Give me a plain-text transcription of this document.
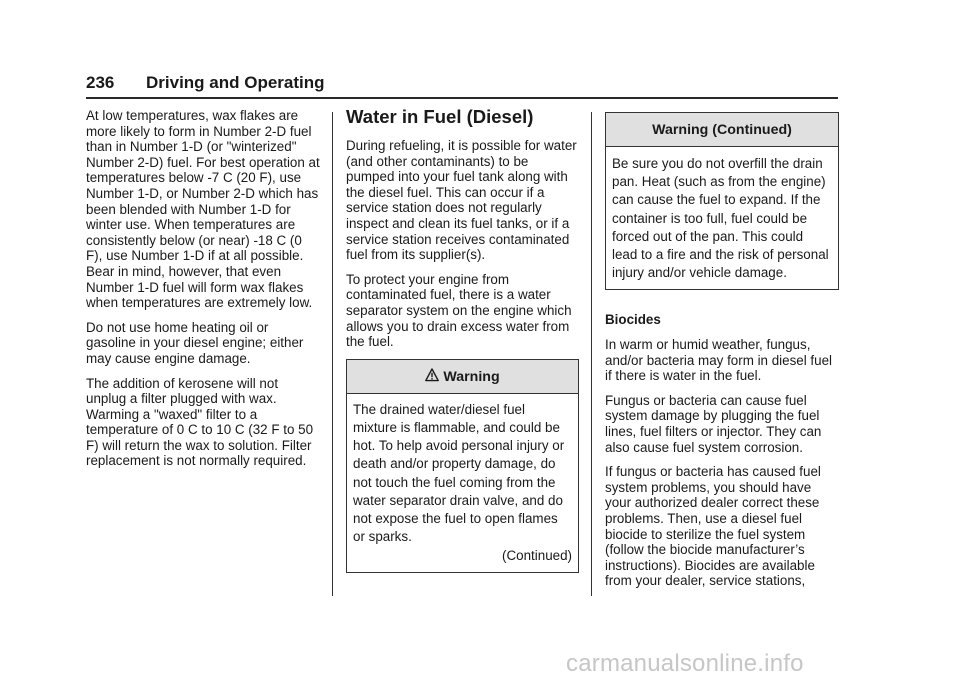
236 Driving and Operating

At low temperatures, wax flakes are more likely to form in Number 2-D fuel than in Number 1-D (or "winterized" Number 2-D) fuel. For best operation at temperatures below -7 C (20 F), use Number 1-D, or Number 2-D which has been blended with Number 1-D for winter use. When temperatures are consistently below (or near) -18 C (0 F), use Number 1-D if at all possible. Bear in mind, however, that even Number 1-D fuel will form wax flakes when temperatures are extremely low.

Do not use home heating oil or gasoline in your diesel engine; either may cause engine damage.

The addition of kerosene will not unplug a filter plugged with wax. Warming a "waxed" filter to a temperature of 0 C to 10 C (32 F to 50 F) will return the wax to solution. Filter replacement is not normally required.

Water in Fuel (Diesel)

During refueling, it is possible for water (and other contaminants) to be pumped into your fuel tank along with the diesel fuel. This can occur if a service station does not regularly inspect and clean its fuel tanks, or if a service station receives contaminated fuel from its supplier(s).

To protect your engine from contaminated fuel, there is a water separator system on the engine which allows you to drain excess water from the fuel.

Warning
The drained water/diesel fuel mixture is flammable, and could be hot. To help avoid personal injury or death and/or property damage, do not touch the fuel coming from the water separator drain valve, and do not expose the fuel to open flames or sparks.
(Continued)
Warning (Continued)
Be sure you do not overfill the drain pan. Heat (such as from the engine) can cause the fuel to expand. If the container is too full, fuel could be forced out of the pan. This could lead to a fire and the risk of personal injury and/or vehicle damage.
Biocides

In warm or humid weather, fungus, and/or bacteria may form in diesel fuel if there is water in the fuel.

Fungus or bacteria can cause fuel system damage by plugging the fuel lines, fuel filters or injector. They can also cause fuel system corrosion.

If fungus or bacteria has caused fuel system problems, you should have your authorized dealer correct these problems. Then, use a diesel fuel biocide to sterilize the fuel system (follow the biocide manufacturer’s instructions). Biocides are available from your dealer, service stations,

carmanualsonline.info
